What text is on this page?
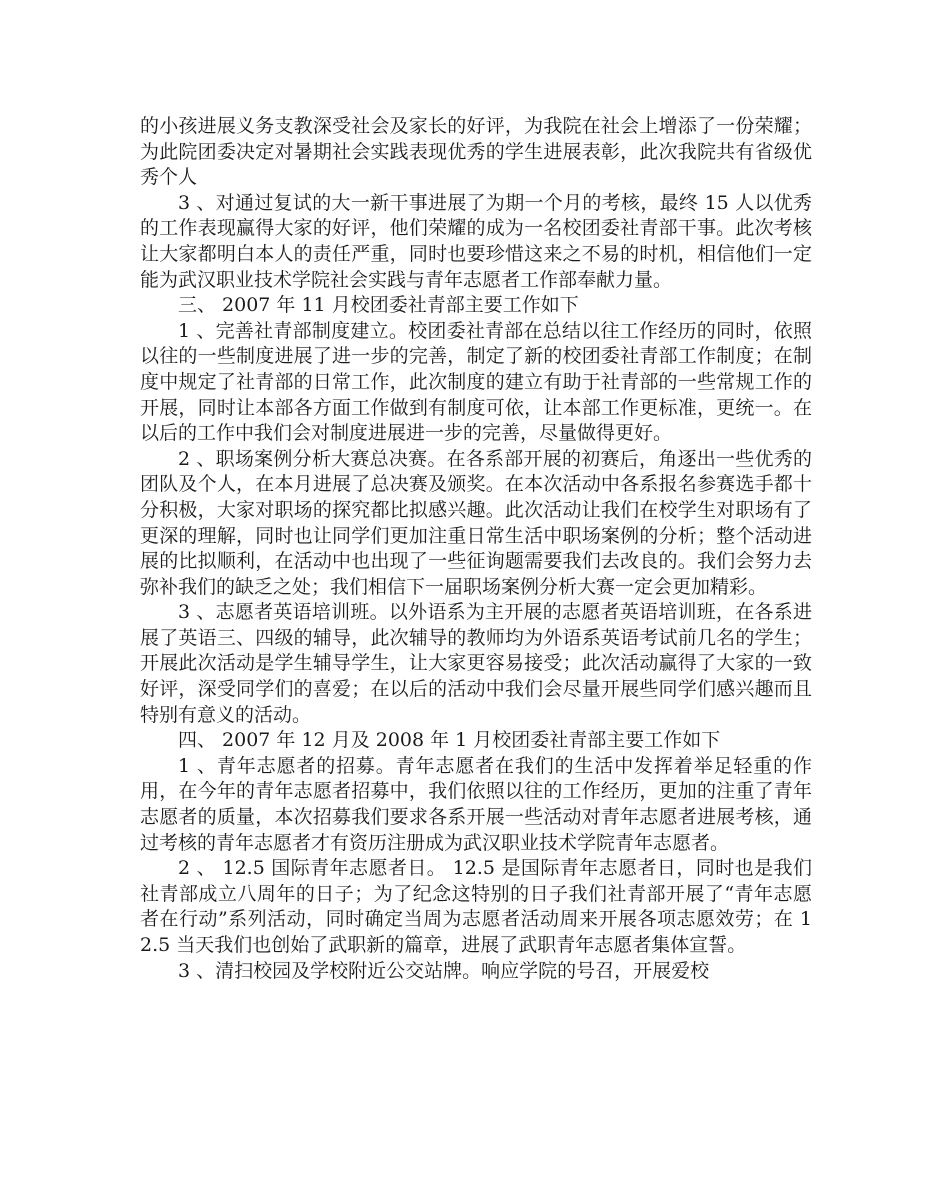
的小孩进展义务支教深受社会及家长的好评，为我院在社会上增添了一份荣耀；为此院团委决定对暑期社会实践表现优秀的学生进展表彰，此次我院共有省级优秀个人

3 、对通过复试的大一新干事进展了为期一个月的考核，最终 15 人以优秀的工作表现赢得大家的好评，他们荣耀的成为一名校团委社青部干事。此次考核让大家都明白本人的责任严重，同时也要珍惜这来之不易的时机，相信他们一定能为武汉职业技术学院社会实践与青年志愿者工作部奉献力量。

三、 2007 年 11 月校团委社青部主要工作如下

1 、完善社青部制度建立。校团委社青部在总结以往工作经历的同时，依照以往的一些制度进展了进一步的完善，制定了新的校团委社青部工作制度；在制度中规定了社青部的日常工作，此次制度的建立有助于社青部的一些常规工作的开展，同时让本部各方面工作做到有制度可依，让本部工作更标准，更统一。在以后的工作中我们会对制度进展进一步的完善，尽量做得更好。

2 、职场案例分析大赛总决赛。在各系部开展的初赛后，角逐出一些优秀的团队及个人，在本月进展了总决赛及颁奖。在本次活动中各系报名参赛选手都十分积极，大家对职场的探究都比拟感兴趣。此次活动让我们在校学生对职场有了更深的理解，同时也让同学们更加注重日常生活中职场案例的分析；整个活动进展的比拟顺利，在活动中也出现了一些征询题需要我们去改良的。我们会努力去弥补我们的缺乏之处；我们相信下一届职场案例分析大赛一定会更加精彩。

3 、志愿者英语培训班。以外语系为主开展的志愿者英语培训班，在各系进展了英语三、四级的辅导，此次辅导的教师均为外语系英语考试前几名的学生；开展此次活动是学生辅导学生，让大家更容易接受；此次活动赢得了大家的一致好评，深受同学们的喜爱；在以后的活动中我们会尽量开展些同学们感兴趣而且特别有意义的活动。

四、 2007 年 12 月及 2008 年 1 月校团委社青部主要工作如下

1 、青年志愿者的招募。青年志愿者在我们的生活中发挥着举足轻重的作用，在今年的青年志愿者招募中，我们依照以往的工作经历，更加的注重了青年志愿者的质量，本次招募我们要求各系开展一些活动对青年志愿者进展考核，通过考核的青年志愿者才有资历注册成为武汉职业技术学院青年志愿者。

2 、 12.5 国际青年志愿者日。 12.5 是国际青年志愿者日，同时也是我们社青部成立八周年的日子；为了纪念这特别的日子我们社青部开展了“青年志愿者在行动”系列活动，同时确定当周为志愿者活动周来开展各项志愿效劳；在 12.5 当天我们也创始了武职新的篇章，进展了武职青年志愿者集体宣誓。

3 、清扫校园及学校附近公交站牌。响应学院的号召，开展爱校
